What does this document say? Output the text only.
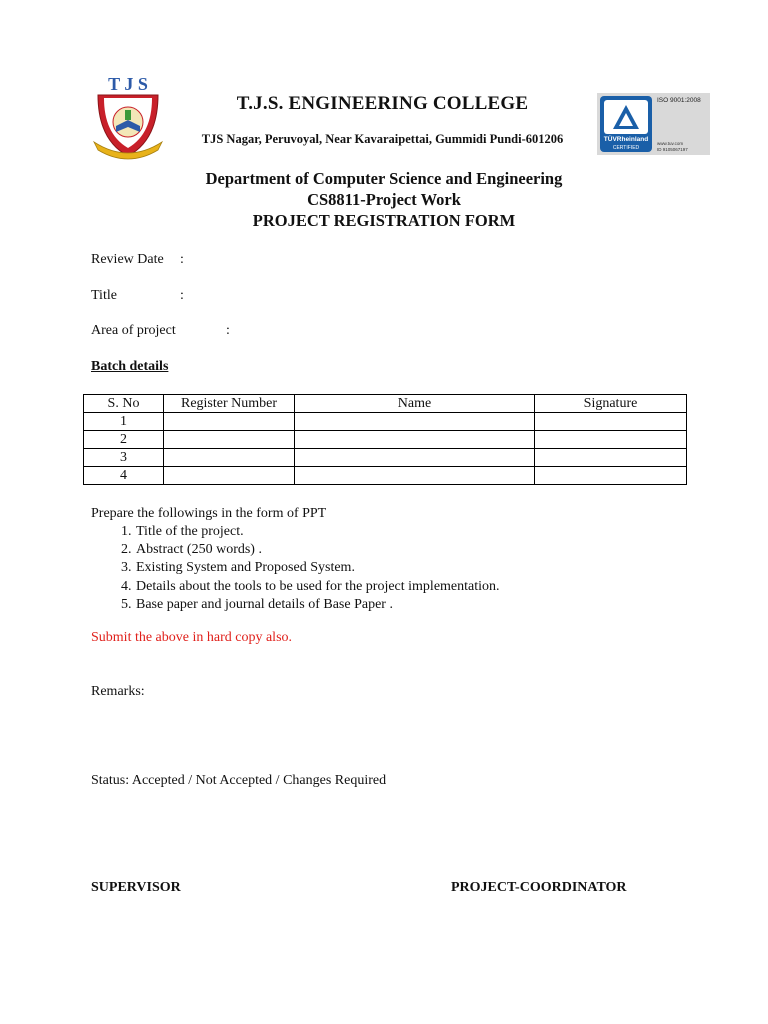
T J S
T.J.S. ENGINEERING COLLEGE
TJS Nagar, Peruvoyal, Near Kavaraipettai, Gummidi Pundi-601206	TÜVRheinland
CERTIFIED
ISO 9001:2008
www.tuv.com
ID 9105067197
Department of Computer Science and Engineering
CS8811-Project Work
PROJECT REGISTRATION FORM
Review Date :
Title	:
Area of project	:
Batch details
S. No	Register Number	Name	Signature
1			
2			
3			
4			
Prepare the followings in the form of PPT
1. Title of the project.
2. Abstract (250 words) .
3. Existing System and Proposed System.
4. Details about the tools to be used for the project implementation.
5. Base paper and journal details of Base Paper .
Submit the above in hard copy also.
Remarks:
Status: Accepted / Not Accepted / Changes Required
SUPERVISOR	PROJECT-COORDINATOR
